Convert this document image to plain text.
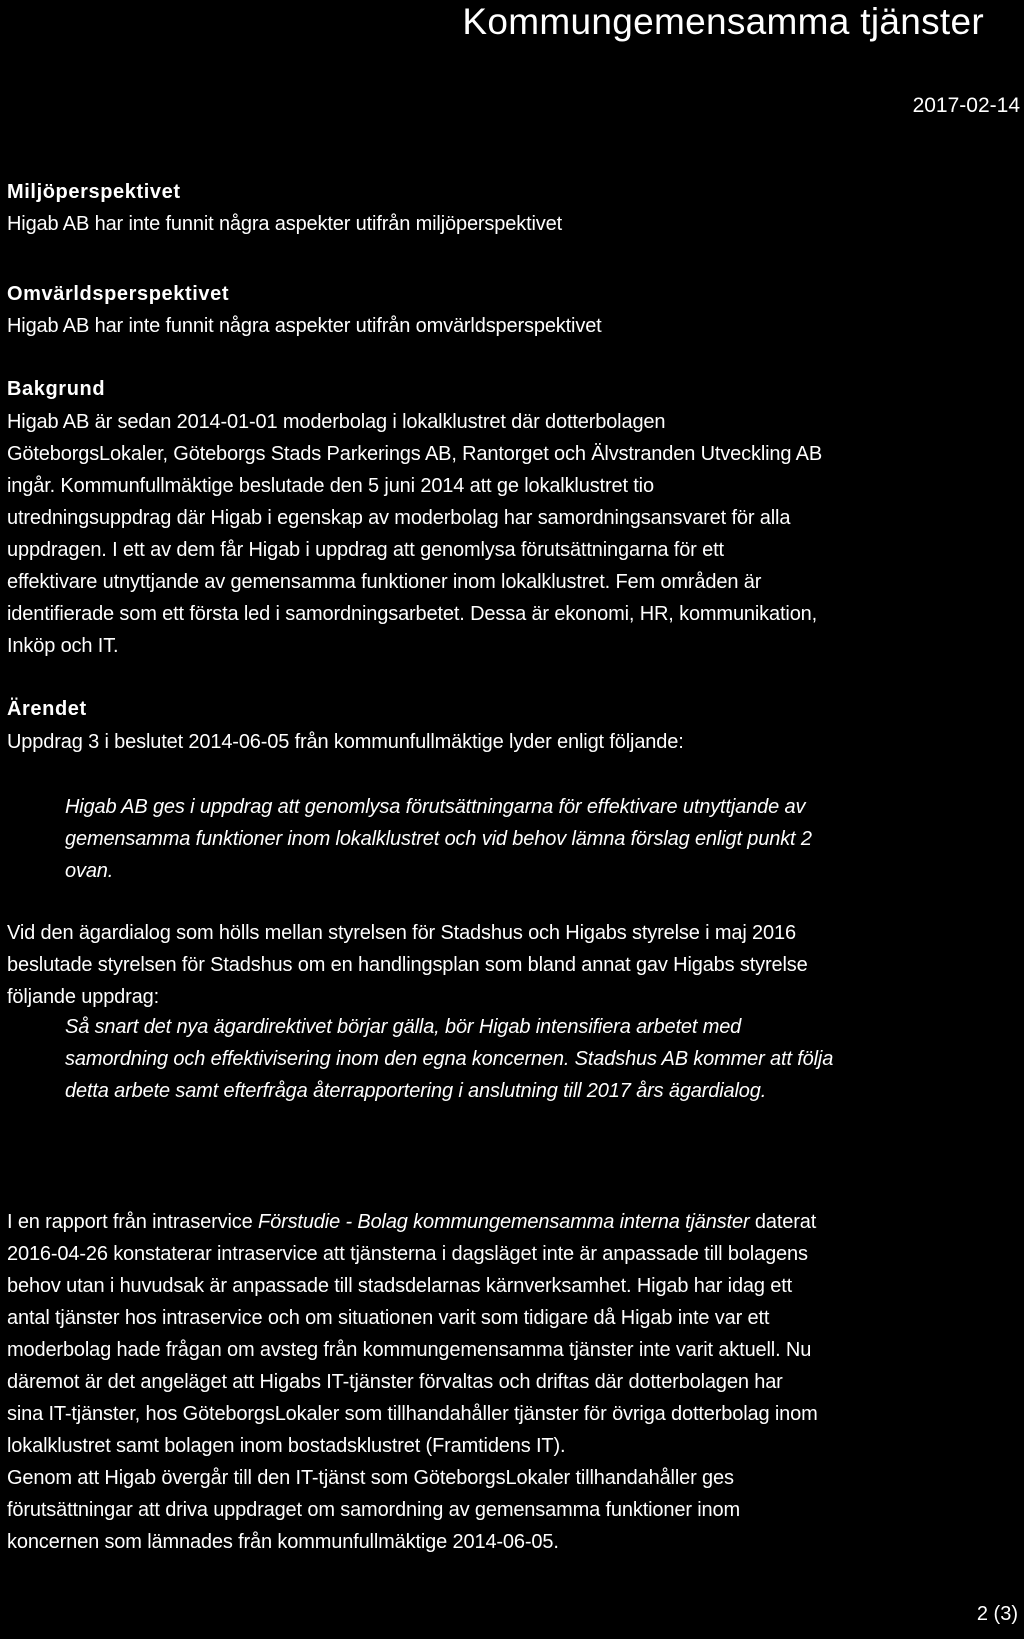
Kommungemensamma tjänster
2017-02-14
Miljöperspektivet

Higab AB har inte funnit några aspekter utifrån miljöperspektivet

Omvärldsperspektivet

Higab AB har inte funnit några aspekter utifrån omvärldsperspektivet

Bakgrund

Higab AB är sedan 2014-01-01 moderbolag i lokalklustret där dotterbolagen
GöteborgsLokaler, Göteborgs Stads Parkerings AB, Rantorget och Älvstranden Utveckling AB
ingår. Kommunfullmäktige beslutade den 5 juni 2014 att ge lokalklustret tio
utredningsuppdrag där Higab i egenskap av moderbolag har samordningsansvaret för alla
uppdragen. I ett av dem får Higab i uppdrag att genomlysa förutsättningarna för ett
effektivare utnyttjande av gemensamma funktioner inom lokalklustret. Fem områden är
identifierade som ett första led i samordningsarbetet. Dessa är ekonomi, HR, kommunikation,
Inköp och IT.

Ärendet

Uppdrag 3 i beslutet 2014-06-05 från kommunfullmäktige lyder enligt följande:

Higab AB ges i uppdrag att genomlysa förutsättningarna för effektivare utnyttjande av
gemensamma funktioner inom lokalklustret och vid behov lämna förslag enligt punkt 2
ovan.

Vid den ägardialog som hölls mellan styrelsen för Stadshus och Higabs styrelse i maj 2016
beslutade styrelsen för Stadshus om en handlingsplan som bland annat gav Higabs styrelse
följande uppdrag:

Så snart det nya ägardirektivet börjar gälla, bör Higab intensifiera arbetet med
samordning och effektivisering inom den egna koncernen. Stadshus AB kommer att följa
detta arbete samt efterfråga återrapportering i anslutning till 2017 års ägardialog.

I en rapport från intraservice Förstudie - Bolag kommungemensamma interna tjänster daterat
2016-04-26 konstaterar intraservice att tjänsterna i dagsläget inte är anpassade till bolagens
behov utan i huvudsak är anpassade till stadsdelarnas kärnverksamhet. Higab har idag ett
antal tjänster hos intraservice och om situationen varit som tidigare då Higab inte var ett
moderbolag hade frågan om avsteg från kommungemensamma tjänster inte varit aktuell. Nu
däremot är det angeläget att Higabs IT-tjänster förvaltas och driftas där dotterbolagen har
sina IT-tjänster, hos GöteborgsLokaler som tillhandahåller tjänster för övriga dotterbolag inom
lokalklustret samt bolagen inom bostadsklustret (Framtidens IT).
Genom att Higab övergår till den IT-tjänst som GöteborgsLokaler tillhandahåller ges
förutsättningar att driva uppdraget om samordning av gemensamma funktioner inom
koncernen som lämnades från kommunfullmäktige 2014-06-05.

2 (3)
